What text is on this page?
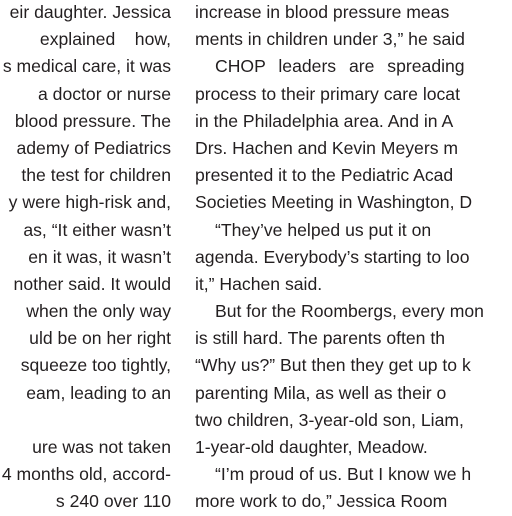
eir daughter. Jessica
explained    how,
s medical care, it was
a doctor or nurse
blood pressure. The
ademy of Pediatrics
the test for children
y were high-risk and,
as, “It either wasn’t
en it was, it wasn’t
nother said. It would
when the only way
uld be on her right
squeeze too tightly,
eam, leading to an
ure was not taken
4 months old, accord-
s 240 over 110
increase in blood pressure meas
ments in children under 3,” he said
CHOP leaders are spreading
process to their primary care locat
in the Philadelphia area. And in A
Drs. Hachen and Kevin Meyers m
presented it to the Pediatric Acad
Societies Meeting in Washington, D
“They’ve helped us put it on
agenda. Everybody’s starting to loo
it,” Hachen said.
But for the Roombergs, every mon
is still hard. The parents often th
“Why us?” But then they get up to k
parenting Mila, as well as their o
two children, 3-year-old son, Liam,
1-year-old daughter, Meadow.
“I’m proud of us. But I know we h
more work to do,” Jessica Room
